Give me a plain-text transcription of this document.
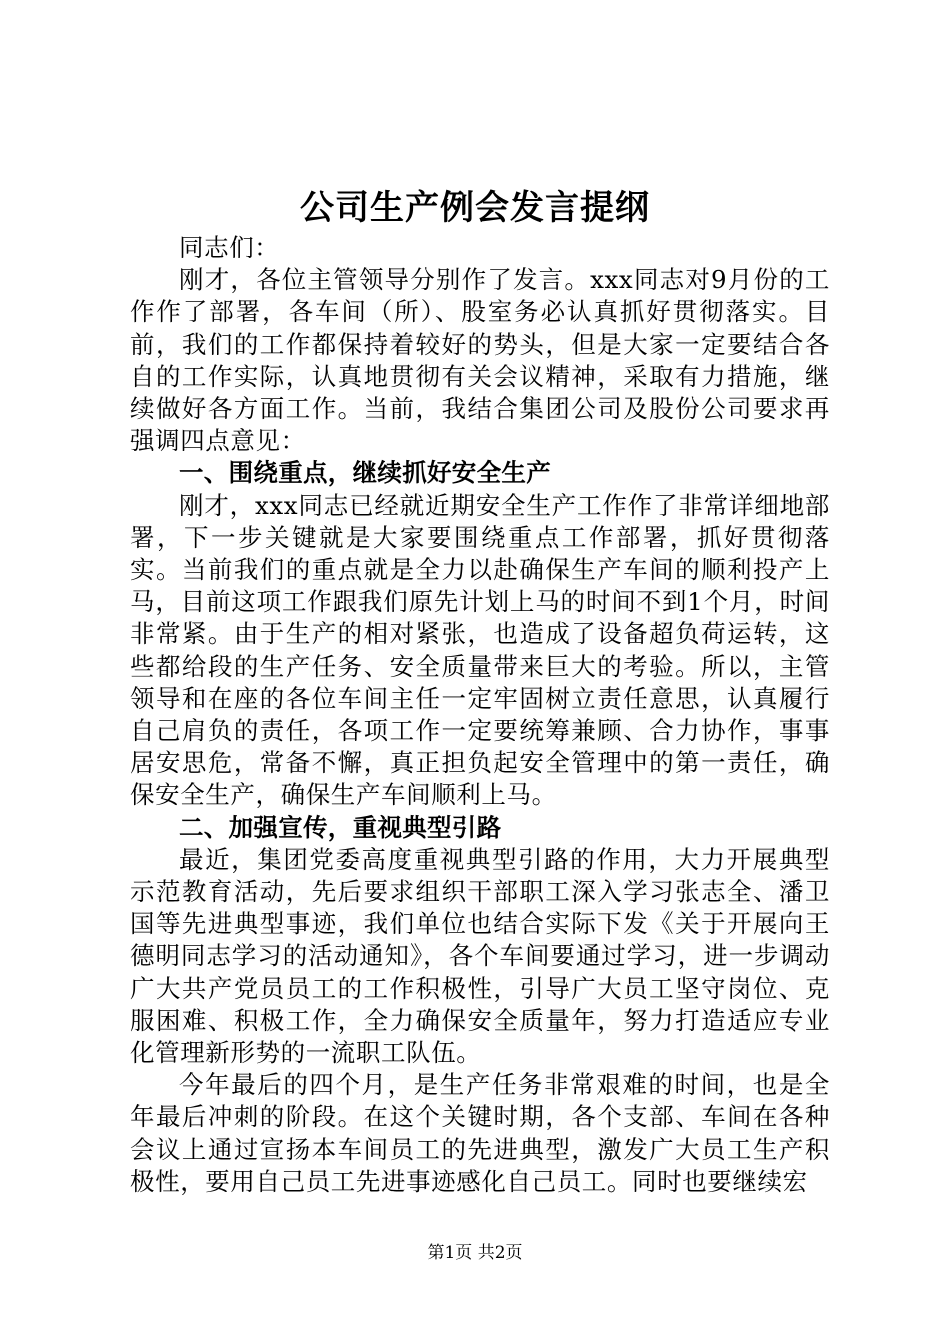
公司生产例会发言提纲

同志们：

刚才，各位主管领导分别作了发言。xxx同志对9月份的工作作了部署，各车间（所）、股室务必认真抓好贯彻落实。目前，我们的工作都保持着较好的势头，但是大家一定要结合各自的工作实际，认真地贯彻有关会议精神，采取有力措施，继续做好各方面工作。当前，我结合集团公司及股份公司要求再强调四点意见：

一、围绕重点，继续抓好安全生产

刚才，xxx同志已经就近期安全生产工作作了非常详细地部署，下一步关键就是大家要围绕重点工作部署，抓好贯彻落实。当前我们的重点就是全力以赴确保生产车间的顺利投产上马，目前这项工作跟我们原先计划上马的时间不到1个月，时间非常紧。由于生产的相对紧张，也造成了设备超负荷运转，这些都给段的生产任务、安全质量带来巨大的考验。所以，主管领导和在座的各位车间主任一定牢固树立责任意思，认真履行自己肩负的责任，各项工作一定要统筹兼顾、合力协作，事事居安思危，常备不懈，真正担负起安全管理中的第一责任，确保安全生产，确保生产车间顺利上马。

二、加强宣传，重视典型引路

最近，集团党委高度重视典型引路的作用，大力开展典型示范教育活动，先后要求组织干部职工深入学习张志全、潘卫国等先进典型事迹，我们单位也结合实际下发《关于开展向王德明同志学习的活动通知》，各个车间要通过学习，进一步调动广大共产党员员工的工作积极性，引导广大员工坚守岗位、克服困难、积极工作，全力确保安全质量年，努力打造适应专业化管理新形势的一流职工队伍。

今年最后的四个月，是生产任务非常艰难的时间，也是全年最后冲刺的阶段。在这个关键时期，各个支部、车间在各种会议上通过宣扬本车间员工的先进典型，激发广大员工生产积极性，要用自己员工先进事迹感化自己员工。同时也要继续宏

第1页 共2页
